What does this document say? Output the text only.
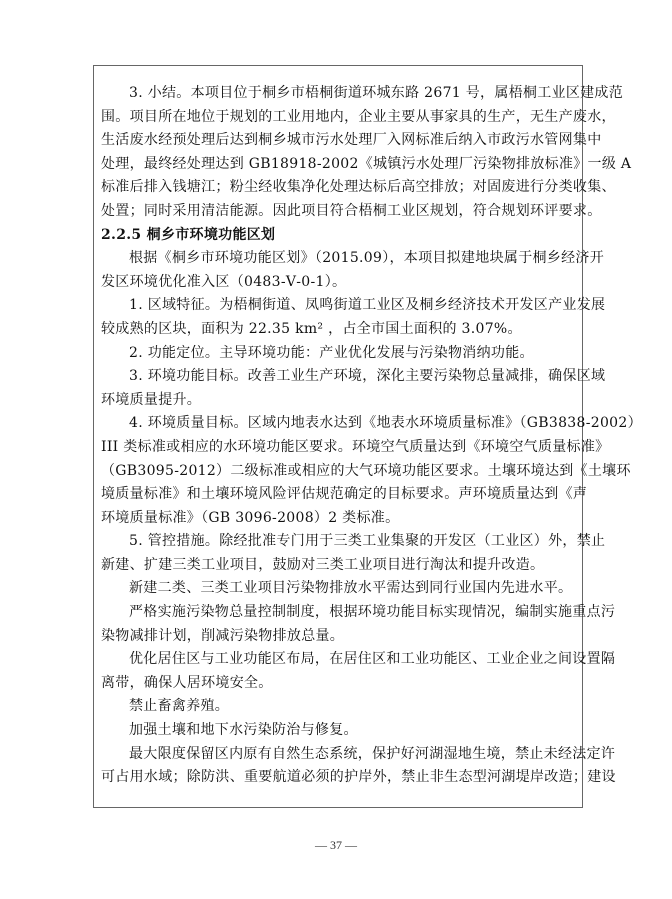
3. 小结。本项目位于桐乡市梧桐街道环城东路 2671 号，属梧桐工业区建成范
围。项目所在地位于规划的工业用地内，企业主要从事家具的生产，无生产废水，
生活废水经预处理后达到桐乡城市污水处理厂入网标准后纳入市政污水管网集中
处理，最终经处理达到 GB18918-2002《城镇污水处理厂污染物排放标准》一级 A
标准后排入钱塘江；粉尘经收集净化处理达标后高空排放；对固废进行分类收集、
处置；同时采用清洁能源。因此项目符合梧桐工业区规划，符合规划环评要求。
2.2.5 桐乡市环境功能区划
根据《桐乡市环境功能区划》（2015.09），本项目拟建地块属于桐乡经济开
发区环境优化准入区（0483-Ⅴ-0-1）。
1. 区域特征。为梧桐街道、凤鸣街道工业区及桐乡经济技术开发区产业发展
较成熟的区块，面积为 22.35 km² ，占全市国土面积的 3.07%。
2. 功能定位。主导环境功能：产业优化发展与污染物消纳功能。
3. 环境功能目标。改善工业生产环境，深化主要污染物总量减排，确保区域
环境质量提升。
4. 环境质量目标。区域内地表水达到《地表水环境质量标准》（GB3838-2002）
III 类标准或相应的水环境功能区要求。环境空气质量达到《环境空气质量标准》
（GB3095-2012）二级标准或相应的大气环境功能区要求。土壤环境达到《土壤环
境质量标准》和土壤环境风险评估规范确定的目标要求。声环境质量达到《声
环境质量标准》（GB 3096-2008）2 类标准。
5. 管控措施。除经批准专门用于三类工业集聚的开发区（工业区）外，禁止
新建、扩建三类工业项目，鼓励对三类工业项目进行淘汰和提升改造。
新建二类、三类工业项目污染物排放水平需达到同行业国内先进水平。
严格实施污染物总量控制制度，根据环境功能目标实现情况，编制实施重点污
染物减排计划，削减污染物排放总量。
优化居住区与工业功能区布局，在居住区和工业功能区、工业企业之间设置隔
离带，确保人居环境安全。
禁止畜禽养殖。
加强土壤和地下水污染防治与修复。
最大限度保留区内原有自然生态系统，保护好河湖湿地生境，禁止未经法定许
可占用水域；除防洪、重要航道必须的护岸外，禁止非生态型河湖堤岸改造；建设
— 37 —
